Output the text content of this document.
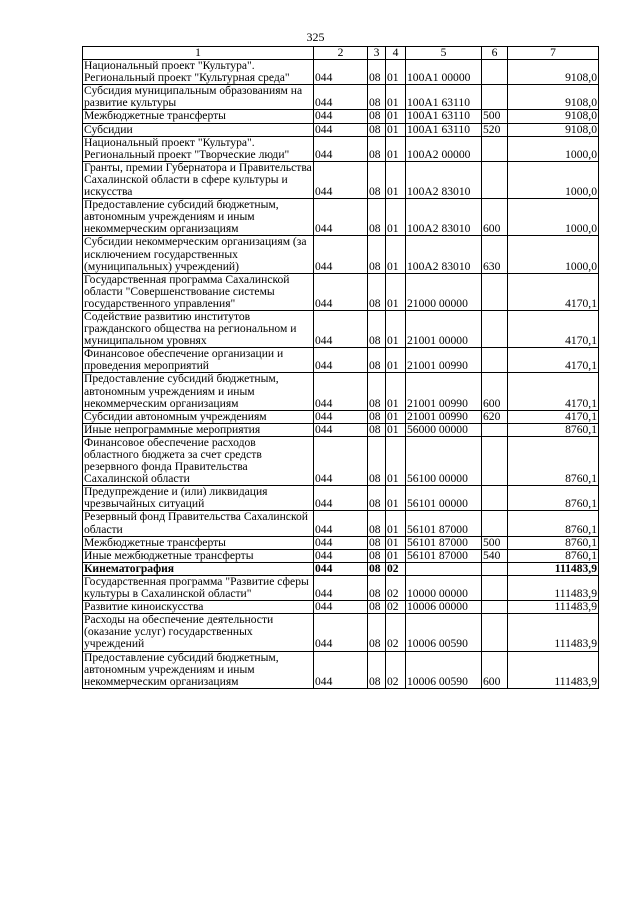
325
1	2	3	4	5	6	7
Национальный проект "Культура". Региональный проект "Культурная среда"	044	08	01	100А1 00000		9108,0
Субсидия муниципальным образованиям на развитие культуры	044	08	01	100А1 63110		9108,0
Межбюджетные трансферты	044	08	01	100А1 63110	500	9108,0
Субсидии	044	08	01	100А1 63110	520	9108,0
Национальный проект "Культура". Региональный проект "Творческие люди"	044	08	01	100А2 00000		1000,0
Гранты, премии Губернатора и Правительства Сахалинской области в сфере культуры и искусства	044	08	01	100А2 83010		1000,0
Предоставление субсидий бюджетным, автономным учреждениям и иным некоммерческим организациям	044	08	01	100А2 83010	600	1000,0
Субсидии некоммерческим организациям (за исключением государственных (муниципальных) учреждений)	044	08	01	100А2 83010	630	1000,0
Государственная программа Сахалинской области "Совершенствование системы государственного управления"	044	08	01	21000 00000		4170,1
Содействие развитию институтов гражданского общества на региональном и муниципальном уровнях	044	08	01	21001 00000		4170,1
Финансовое обеспечение организации и проведения мероприятий	044	08	01	21001 00990		4170,1
Предоставление субсидий бюджетным, автономным учреждениям и иным некоммерческим организациям	044	08	01	21001 00990	600	4170,1
Субсидии автономным учреждениям	044	08	01	21001 00990	620	4170,1
Иные непрограммные мероприятия	044	08	01	56000 00000		8760,1
Финансовое обеспечение расходов областного бюджета за счет средств резервного фонда Правительства Сахалинской области	044	08	01	56100 00000		8760,1
Предупреждение и (или) ликвидация чрезвычайных ситуаций	044	08	01	56101 00000		8760,1
Резервный фонд Правительства Сахалинской области	044	08	01	56101 87000		8760,1
Межбюджетные трансферты	044	08	01	56101 87000	500	8760,1
Иные межбюджетные трансферты	044	08	01	56101 87000	540	8760,1
Кинематография	044	08	02			111483,9
Государственная программа "Развитие сферы культуры в Сахалинской области"	044	08	02	10000 00000		111483,9
Развитие киноискусства	044	08	02	10006 00000		111483,9
Расходы на обеспечение деятельности (оказание услуг) государственных учреждений	044	08	02	10006 00590		111483,9
Предоставление субсидий бюджетным, автономным учреждениям и иным некоммерческим организациям	044	08	02	10006 00590	600	111483,9
